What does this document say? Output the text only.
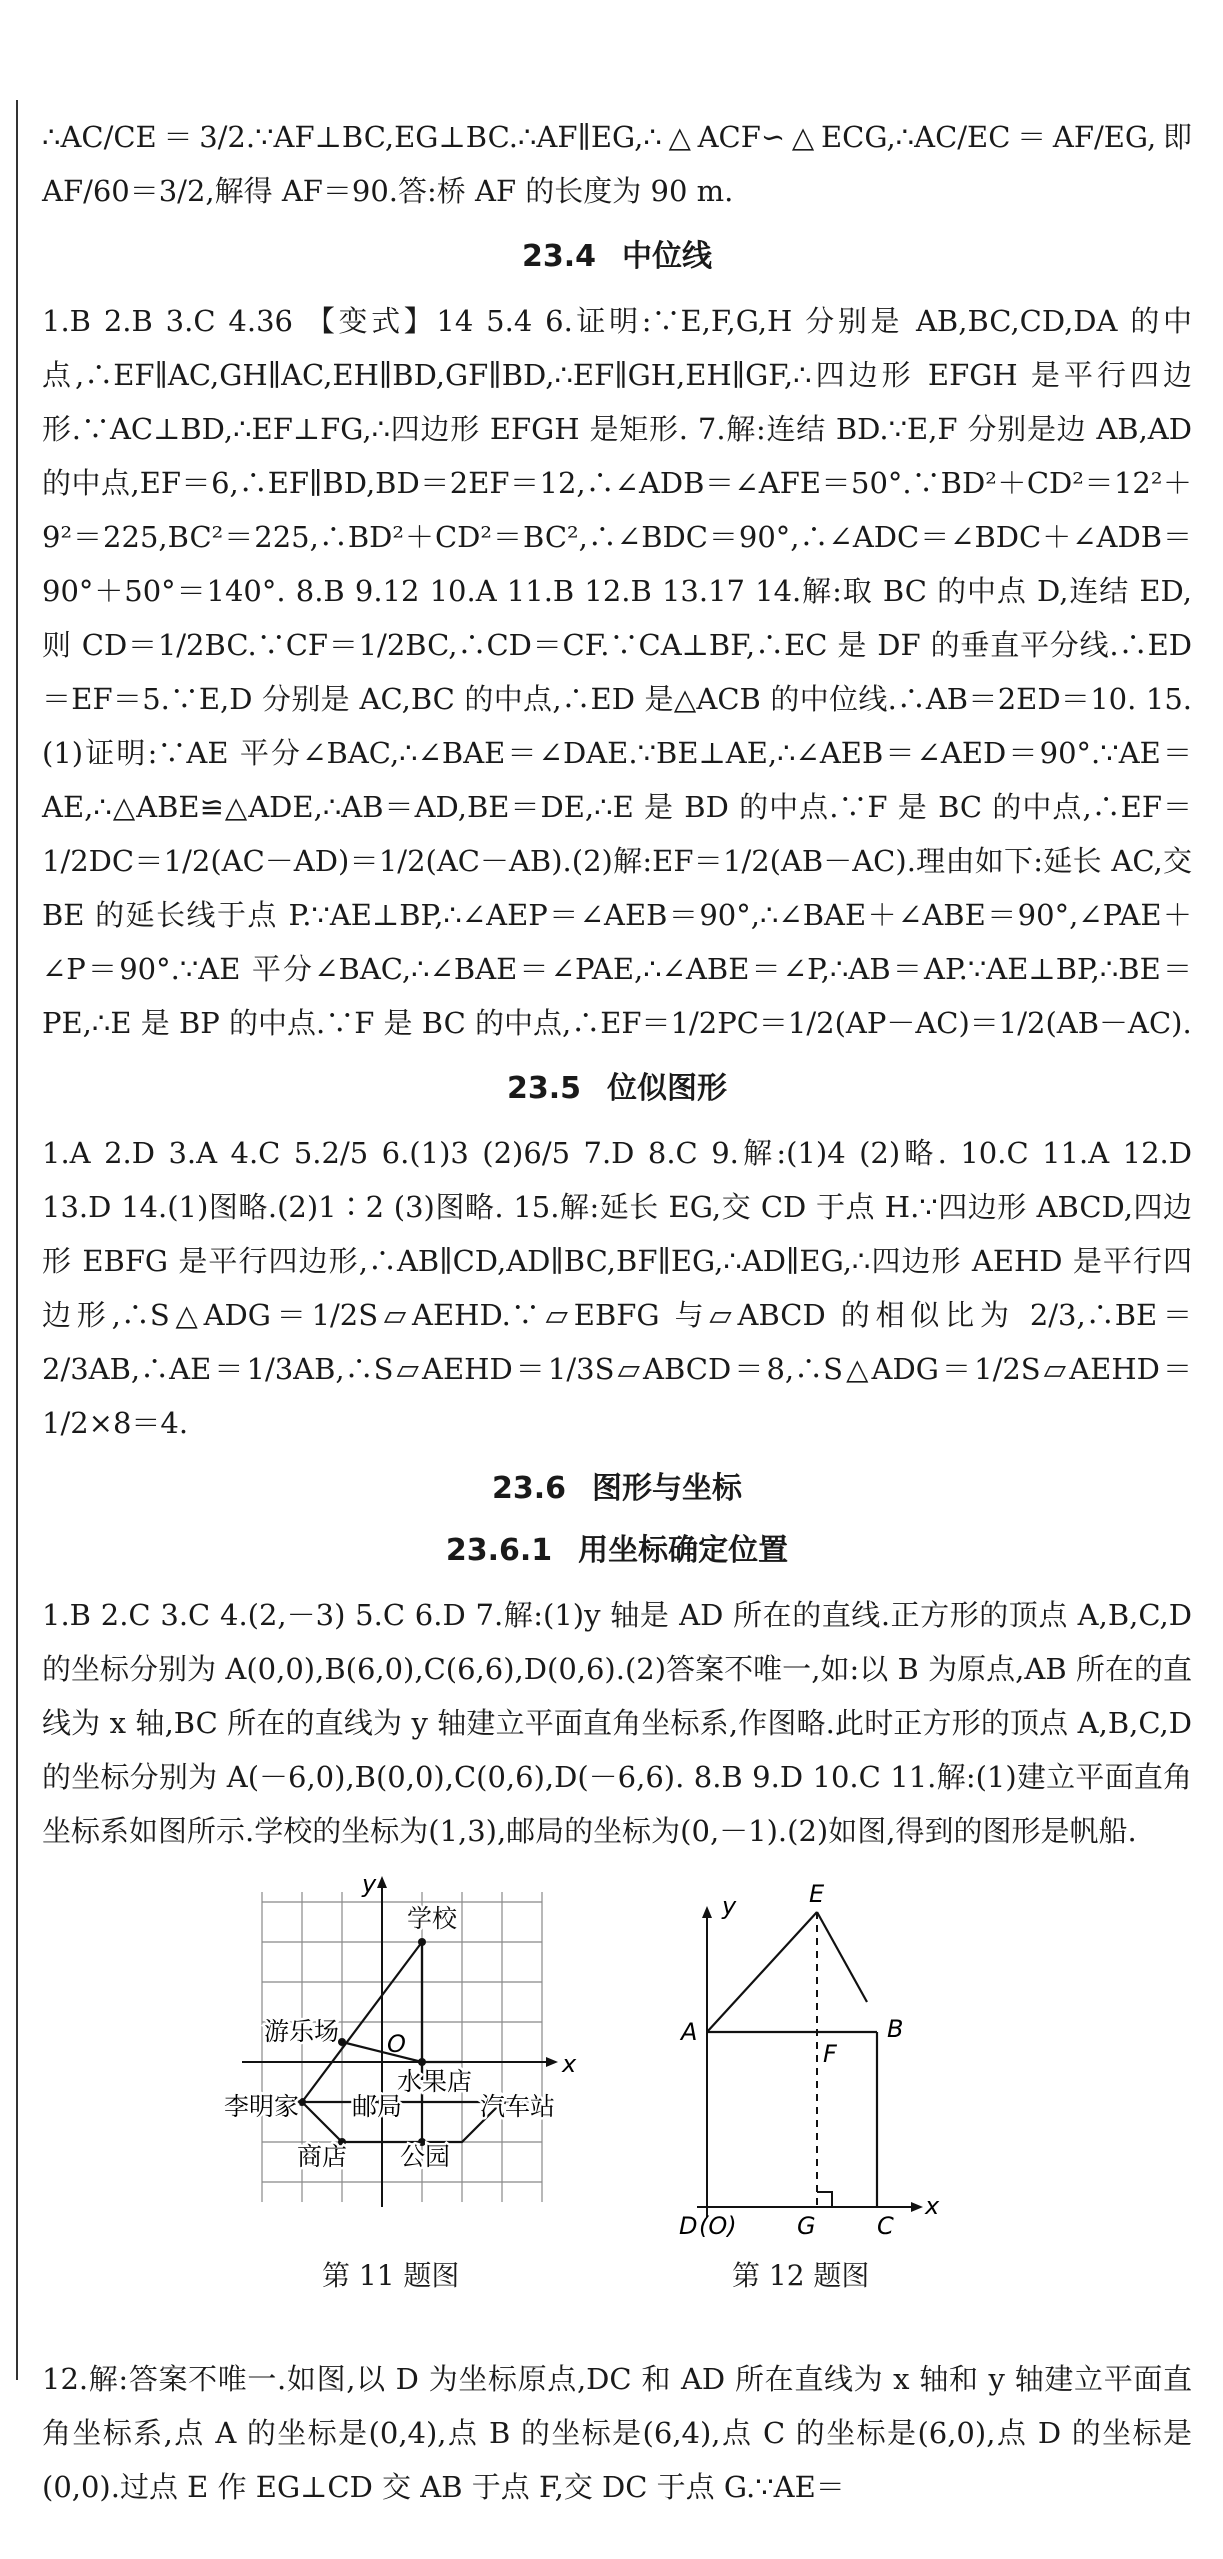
∴AC/CE＝3/2.∵AF⊥BC,EG⊥BC.∴AF∥EG,∴△ACF∽△ECG,∴AC/EC＝AF/EG,即 AF/60＝3/2,解得 AF＝90.答:桥 AF 的长度为 90 m.

23.4 中位线

1.B 2.B 3.C 4.36 【变式】14 5.4 6.证明:∵E,F,G,H 分别是 AB,BC,CD,DA 的中点,∴EF∥AC,GH∥AC,EH∥BD,GF∥BD,∴EF∥GH,EH∥GF,∴四边形 EFGH 是平行四边形.∵AC⊥BD,∴EF⊥FG,∴四边形 EFGH 是矩形. 7.解:连结 BD.∵E,F 分别是边 AB,AD 的中点,EF＝6,∴EF∥BD,BD＝2EF＝12,∴∠ADB＝∠AFE＝50°.∵BD²＋CD²＝12²＋9²＝225,BC²＝225,∴BD²＋CD²＝BC²,∴∠BDC＝90°,∴∠ADC＝∠BDC＋∠ADB＝90°＋50°＝140°. 8.B 9.12 10.A 11.B 12.B 13.17 14.解:取 BC 的中点 D,连结 ED,则 CD＝1/2BC.∵CF＝1/2BC,∴CD＝CF.∵CA⊥BF,∴EC 是 DF 的垂直平分线.∴ED＝EF＝5.∵E,D 分别是 AC,BC 的中点,∴ED 是△ACB 的中位线.∴AB＝2ED＝10. 15.(1)证明:∵AE 平分∠BAC,∴∠BAE＝∠DAE.∵BE⊥AE,∴∠AEB＝∠AED＝90°.∵AE＝AE,∴△ABE≌△ADE,∴AB＝AD,BE＝DE,∴E 是 BD 的中点.∵F 是 BC 的中点,∴EF＝1/2DC＝1/2(AC－AD)＝1/2(AC－AB).(2)解:EF＝1/2(AB－AC).理由如下:延长 AC,交 BE 的延长线于点 P.∵AE⊥BP,∴∠AEP＝∠AEB＝90°,∴∠BAE＋∠ABE＝90°,∠PAE＋∠P＝90°.∵AE 平分∠BAC,∴∠BAE＝∠PAE,∴∠ABE＝∠P,∴AB＝AP.∵AE⊥BP,∴BE＝PE,∴E 是 BP 的中点.∵F 是 BC 的中点,∴EF＝1/2PC＝1/2(AP－AC)＝1/2(AB－AC).

23.5 位似图形

1.A 2.D 3.A 4.C 5.2/5 6.(1)3 (2)6/5 7.D 8.C 9.解:(1)4 (2)略. 10.C 11.A 12.D 13.D 14.(1)图略.(2)1∶2 (3)图略. 15.解:延长 EG,交 CD 于点 H.∵四边形 ABCD,四边形 EBFG 是平行四边形,∴AB∥CD,AD∥BC,BF∥EG,∴AD∥EG,∴四边形 AEHD 是平行四边形,∴S△ADG＝1/2S▱AEHD.∵▱EBFG 与▱ABCD 的相似比为 2/3,∴BE＝2/3AB,∴AE＝1/3AB,∴S▱AEHD＝1/3S▱ABCD＝8,∴S△ADG＝1/2S▱AEHD＝1/2×8＝4.

23.6 图形与坐标
23.6.1 用坐标确定位置

1.B 2.C 3.C 4.(2,－3) 5.C 6.D 7.解:(1)y 轴是 AD 所在的直线.正方形的顶点 A,B,C,D 的坐标分别为 A(0,0),B(6,0),C(6,6),D(0,6).(2)答案不唯一,如:以 B 为原点,AB 所在的直线为 x 轴,BC 所在的直线为 y 轴建立平面直角坐标系,作图略.此时正方形的顶点 A,B,C,D 的坐标分别为 A(－6,0),B(0,0),C(0,6),D(－6,6). 8.B 9.D 10.C 11.解:(1)建立平面直角坐标系如图所示.学校的坐标为(1,3),邮局的坐标为(0,－1).(2)如图,得到的图形是帆船.

y
x
O
学校
游乐场
水果店
李明家 邮局	汽车站
商店 公园
第 11 题图
y	E
A	B
F
D (O)	G	C
x
第 12 题图

12.解:答案不唯一.如图,以 D 为坐标原点,DC 和 AD 所在直线为 x 轴和 y 轴建立平面直角坐标系,点 A 的坐标是(0,4),点 B 的坐标是(6,4),点 C 的坐标是(6,0),点 D 的坐标是(0,0).过点 E 作 EG⊥CD 交 AB 于点 F,交 DC 于点 G.∵AE＝
